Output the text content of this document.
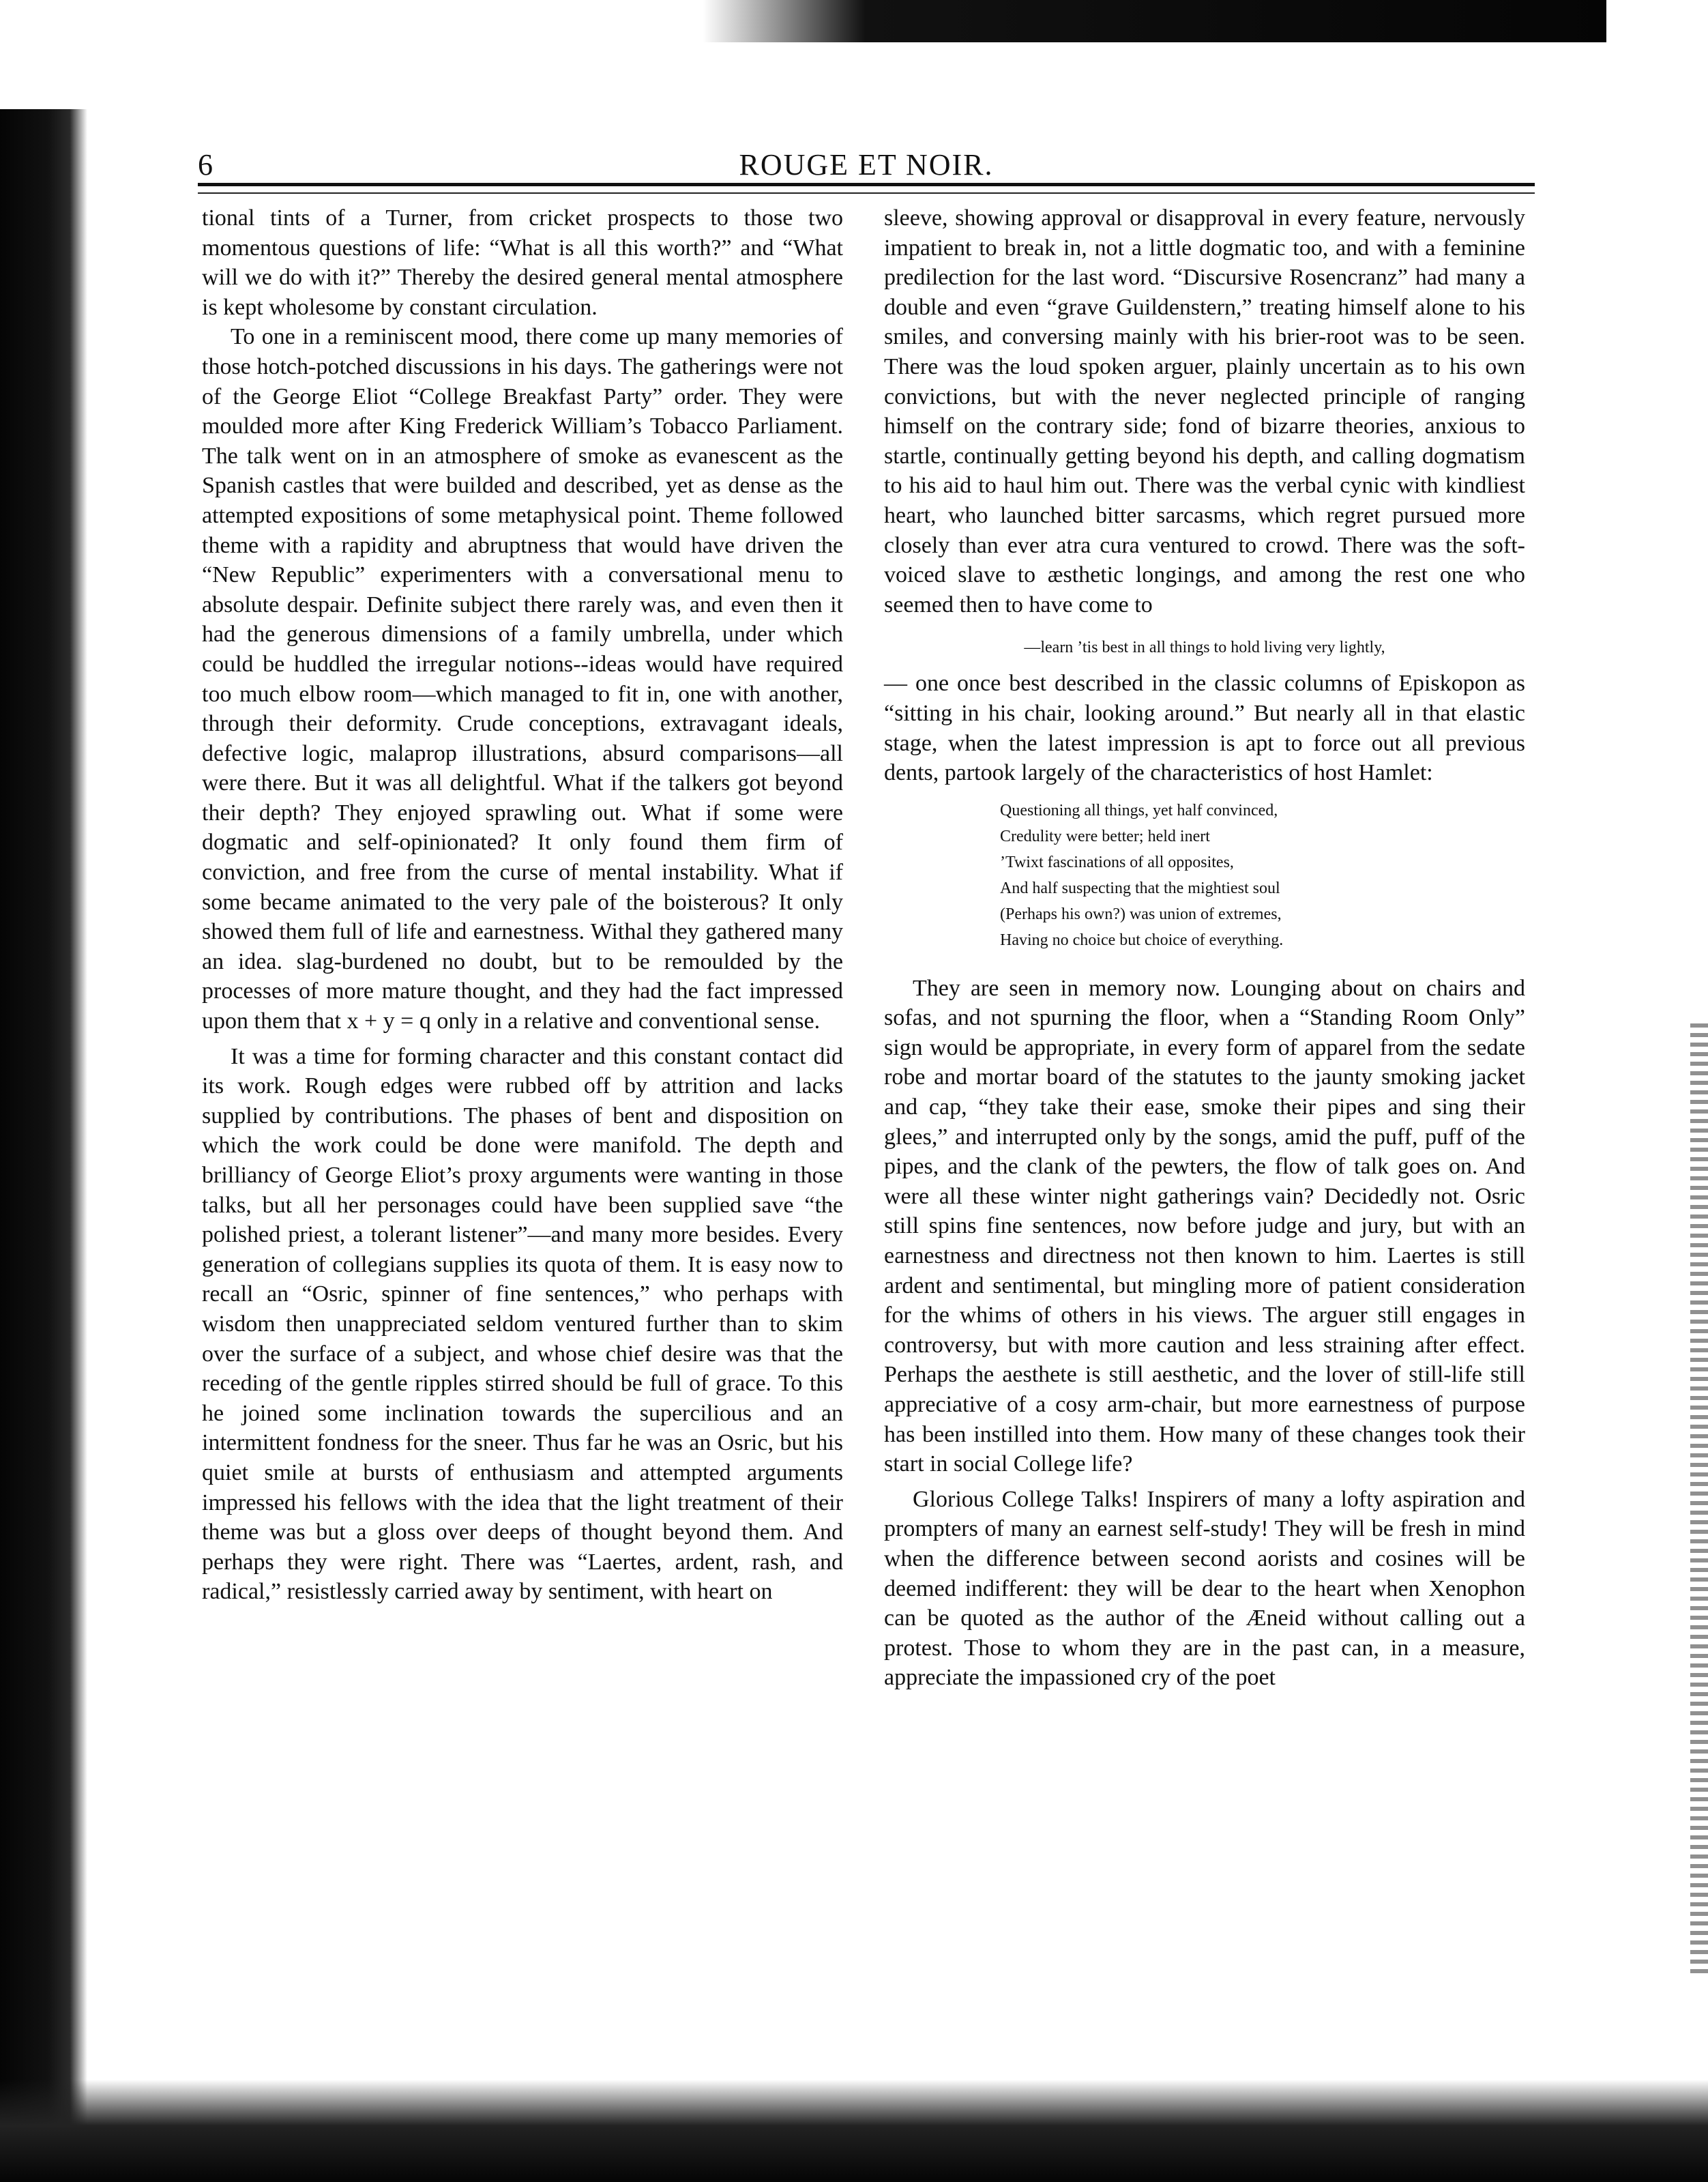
6	ROUGE ET NOIR.

tional tints of a Turner, from cricket prospects to those two momentous questions of life: “What is all this worth?” and “What will we do with it?” Thereby the desired general mental atmosphere is kept wholesome by constant circulation.

To one in a reminiscent mood, there come up many memories of those hotch-potched discussions in his days. The gatherings were not of the George Eliot “College Breakfast Party” order. They were moulded more after King Frederick William’s Tobacco Parliament. The talk went on in an atmosphere of smoke as evanescent as the Spanish castles that were builded and described, yet as dense as the attempted expositions of some metaphysical point. Theme followed theme with a rapidity and abruptness that would have driven the “New Republic” experimenters with a conversational menu to absolute despair. Definite subject there rarely was, and even then it had the generous dimensions of a family umbrella, under which could be huddled the irregular notions--ideas would have required too much elbow room—which managed to fit in, one with another, through their deformity. Crude conceptions, extravagant ideals, defective logic, malaprop illustrations, absurd comparisons—all were there. But it was all delightful. What if the talkers got beyond their depth? They enjoyed sprawling out. What if some were dogmatic and self-opinionated? It only found them firm of conviction, and free from the curse of mental instability. What if some became animated to the very pale of the boisterous? It only showed them full of life and earnestness. Withal they gathered many an idea. slag-burdened no doubt, but to be remoulded by the processes of more mature thought, and they had the fact impressed upon them that x + y = q only in a relative and conventional sense.

It was a time for forming character and this constant contact did its work. Rough edges were rubbed off by attrition and lacks supplied by contributions. The phases of bent and disposition on which the work could be done were manifold. The depth and brilliancy of George Eliot’s proxy arguments were wanting in those talks, but all her personages could have been supplied save “the polished priest, a tolerant listener”—and many more besides. Every generation of collegians supplies its quota of them. It is easy now to recall an “Osric, spinner of fine sentences,” who perhaps with wisdom then unappreciated seldom ventured further than to skim over the surface of a subject, and whose chief desire was that the receding of the gentle ripples stirred should be full of grace. To this he joined some inclination towards the supercilious and an intermittent fondness for the sneer. Thus far he was an Osric, but his quiet smile at bursts of enthusiasm and attempted arguments impressed his fellows with the idea that the light treatment of their theme was but a gloss over deeps of thought beyond them. And perhaps they were right. There was “Laertes, ardent, rash, and radical,” resistlessly carried away by sentiment, with heart on

sleeve, showing approval or disapproval in every feature, nervously impatient to break in, not a little dogmatic too, and with a feminine predilection for the last word. “Discursive Rosencranz” had many a double and even “grave Guildenstern,” treating himself alone to his smiles, and conversing mainly with his brier-root was to be seen. There was the loud spoken arguer, plainly uncertain as to his own convictions, but with the never neglected principle of ranging himself on the contrary side; fond of bizarre theories, anxious to startle, continually getting beyond his depth, and calling dogmatism to his aid to haul him out. There was the verbal cynic with kindliest heart, who launched bitter sarcasms, which regret pursued more closely than ever atra cura ventured to crowd. There was the soft-voiced slave to æsthetic longings, and among the rest one who seemed then to have come to

—learn ’tis best in all things to hold living very lightly,

— one once best described in the classic columns of Episkopon as “sitting in his chair, looking around.” But nearly all in that elastic stage, when the latest impression is apt to force out all previous dents, partook largely of the characteristics of host Hamlet:

Questioning all things, yet half convinced,
Credulity were better; held inert
’Twixt fascinations of all opposites,
And half suspecting that the mightiest soul
(Perhaps his own?) was union of extremes,
Having no choice but choice of everything.

They are seen in memory now. Lounging about on chairs and sofas, and not spurning the floor, when a “Standing Room Only” sign would be appropriate, in every form of apparel from the sedate robe and mortar board of the statutes to the jaunty smoking jacket and cap, “they take their ease, smoke their pipes and sing their glees,” and interrupted only by the songs, amid the puff, puff of the pipes, and the clank of the pewters, the flow of talk goes on. And were all these winter night gatherings vain? Decidedly not. Osric still spins fine sentences, now before judge and jury, but with an earnestness and directness not then known to him. Laertes is still ardent and sentimental, but mingling more of patient consideration for the whims of others in his views. The arguer still engages in controversy, but with more caution and less straining after effect. Perhaps the aesthete is still aesthetic, and the lover of still-life still appreciative of a cosy arm-chair, but more earnestness of purpose has been instilled into them. How many of these changes took their start in social College life?

Glorious College Talks! Inspirers of many a lofty aspiration and prompters of many an earnest self-study! They will be fresh in mind when the difference between second aorists and cosines will be deemed indifferent: they will be dear to the heart when Xenophon can be quoted as the author of the Æneid without calling out a protest. Those to whom they are in the past can, in a measure, appreciate the impassioned cry of the poet
